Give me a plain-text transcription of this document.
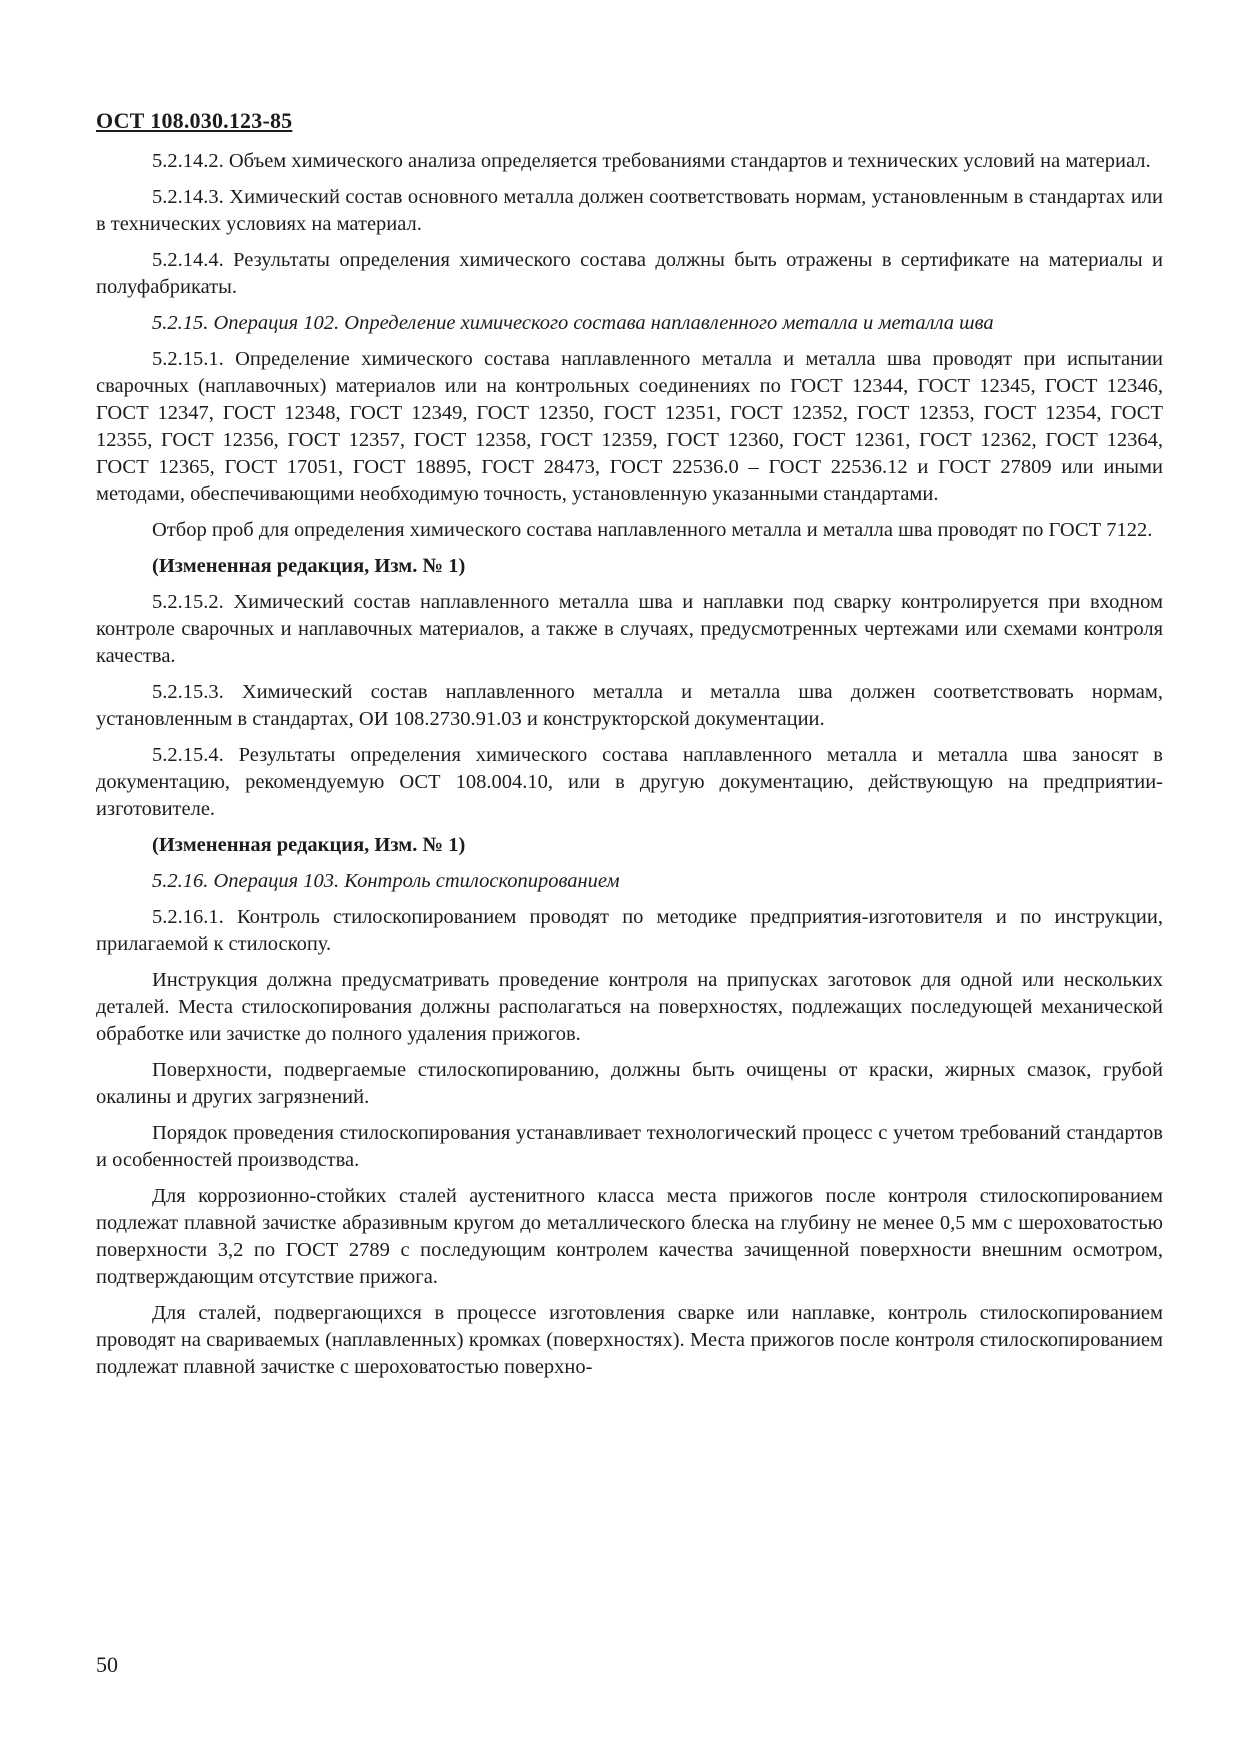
ОСТ 108.030.123-85

5.2.14.2. Объем химического анализа определяется требованиями стандартов и технических условий на материал.

5.2.14.3. Химический состав основного металла должен соответствовать нормам, установленным в стандартах или в технических условиях на материал.

5.2.14.4. Результаты определения химического состава должны быть отражены в сертификате на материалы и полуфабрикаты.

5.2.15. Операция 102. Определение химического состава наплавленного металла и металла шва

5.2.15.1. Определение химического состава наплавленного металла и металла шва проводят при испытании сварочных (наплавочных) материалов или на контрольных соединениях по ГОСТ 12344, ГОСТ 12345, ГОСТ 12346, ГОСТ 12347, ГОСТ 12348, ГОСТ 12349, ГОСТ 12350, ГОСТ 12351, ГОСТ 12352, ГОСТ 12353, ГОСТ 12354, ГОСТ 12355, ГОСТ 12356, ГОСТ 12357, ГОСТ 12358, ГОСТ 12359, ГОСТ 12360, ГОСТ 12361, ГОСТ 12362, ГОСТ 12364, ГОСТ 12365, ГОСТ 17051, ГОСТ 18895, ГОСТ 28473, ГОСТ 22536.0 – ГОСТ 22536.12 и ГОСТ 27809 или иными методами, обеспечивающими необходимую точность, установленную указанными стандартами.

Отбор проб для определения химического состава наплавленного металла и металла шва проводят по ГОСТ 7122.

(Измененная редакция, Изм. № 1)

5.2.15.2. Химический состав наплавленного металла шва и наплавки под сварку контролируется при входном контроле сварочных и наплавочных материалов, а также в случаях, предусмотренных чертежами или схемами контроля качества.

5.2.15.3. Химический состав наплавленного металла и металла шва должен соответствовать нормам, установленным в стандартах, ОИ 108.2730.91.03 и конструкторской документации.

5.2.15.4. Результаты определения химического состава наплавленного металла и металла шва заносят в документацию, рекомендуемую ОСТ 108.004.10, или в другую документацию, действующую на предприятии-изготовителе.

(Измененная редакция, Изм. № 1)

5.2.16. Операция 103. Контроль стилоскопированием

5.2.16.1. Контроль стилоскопированием проводят по методике предприятия-изготовителя и по инструкции, прилагаемой к стилоскопу.

Инструкция должна предусматривать проведение контроля на припусках заготовок для одной или нескольких деталей. Места стилоскопирования должны располагаться на поверхностях, подлежащих последующей механической обработке или зачистке до полного удаления прижогов.

Поверхности, подвергаемые стилоскопированию, должны быть очищены от краски, жирных смазок, грубой окалины и других загрязнений.

Порядок проведения стилоскопирования устанавливает технологический процесс с учетом требований стандартов и особенностей производства.

Для коррозионно-стойких сталей аустенитного класса места прижогов после контроля стилоскопированием подлежат плавной зачистке абразивным кругом до металлического блеска на глубину не менее 0,5 мм с шероховатостью поверхности 3,2 по ГОСТ 2789 с последующим контролем качества зачищенной поверхности внешним осмотром, подтверждающим отсутствие прижога.

Для сталей, подвергающихся в процессе изготовления сварке или наплавке, контроль стилоскопированием проводят на свариваемых (наплавленных) кромках (поверхностях). Места прижогов после контроля стилоскопированием подлежат плавной зачистке с шероховатостью поверхно-

50
